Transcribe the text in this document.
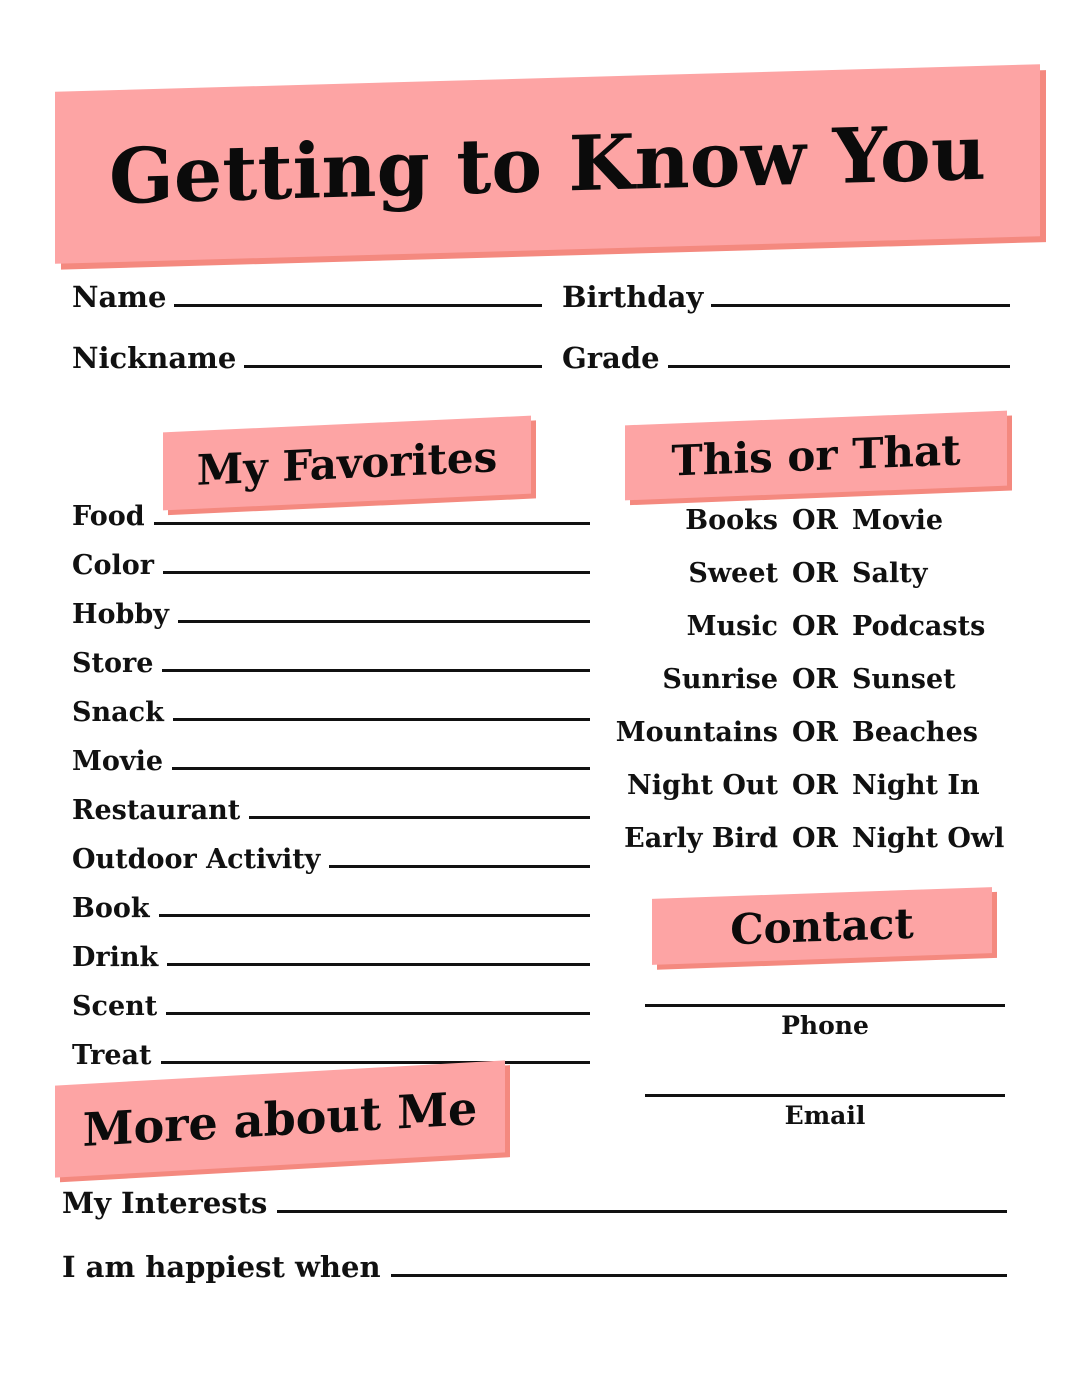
Getting to Know You
Name	Birthday
Nickname	Grade
My Favorites
Food
Color
Hobby
Store
Snack
Movie
Restaurant
Outdoor Activity
Book
Drink
Scent
Treat
This or That
Books OR Movie
Sweet OR Salty
Music OR Podcasts
Sunrise OR Sunset
Mountains OR Beaches
Night Out OR Night In
Early Bird OR Night Owl
Contact
Phone
Email
More about Me
My Interests
I am happiest when
